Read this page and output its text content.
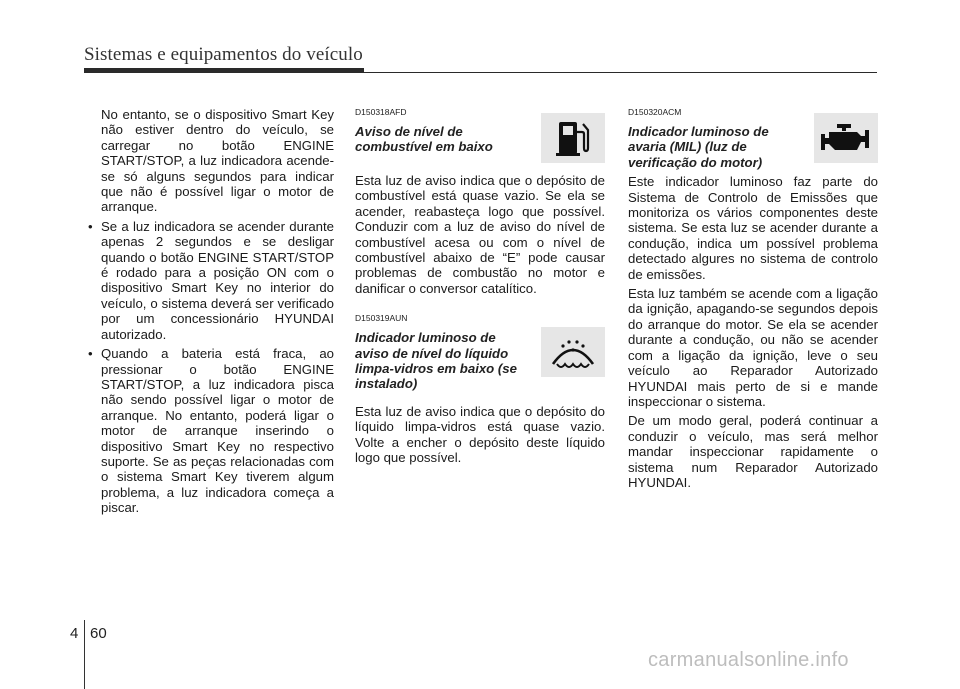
Sistemas e equipamentos do veículo

No entanto, se o dispositivo Smart Key não estiver dentro do veículo, se carregar no botão ENGINE START/STOP, a luz indicadora acende-se só alguns segundos para indicar que não é possível ligar o motor de arranque.

• Se a luz indicadora se acender durante apenas 2 segundos e se desligar quando o botão ENGINE START/STOP é rodado para a posição ON com o dispositivo Smart Key no interior do veículo, o sistema deverá ser verificado por um concessionário HYUNDAI autorizado.
• Quando a bateria está fraca, ao pressionar o botão ENGINE START/STOP, a luz indicadora pisca não sendo possível ligar o motor de arranque. No entanto, poderá ligar o motor de arranque inserindo o dispositivo Smart Key no respectivo suporte. Se as peças relacionadas com o sistema Smart Key tiverem algum problema, a luz indicadora começa a piscar.

D150318AFD

Aviso de nível de combustível em baixo

Esta luz de aviso indica que o depósito de combustível está quase vazio. Se ela se acender, reabasteça logo que possível. Conduzir com a luz de aviso do nível de combustível acesa ou com o nível de combustível abaixo de “E” pode causar problemas de combustão no motor e danificar o conversor catalítico.

D150319AUN

Indicador luminoso de aviso de nível do líquido limpa-vidros em baixo (se instalado)

Esta luz de aviso indica que o depósito do líquido limpa-vidros está quase vazio. Volte a encher o depósito deste líquido logo que possível.

D150320ACM

Indicador luminoso de avaria (MIL) (luz de verificação do motor)

Este indicador luminoso faz parte do Sistema de Controlo de Emissões que monitoriza os vários componentes deste sistema. Se esta luz se acender durante a condução, indica um possível problema detectado algures no sistema de controlo de emissões.

Esta luz também se acende com a ligação da ignição, apagando-se segundos depois do arranque do motor. Se ela se acender durante a condução, ou não se acender com a ligação da ignição, leve o seu veículo ao Reparador Autorizado HYUNDAI mais perto de si e mande inspeccionar o sistema.

De um modo geral, poderá continuar a conduzir o veículo, mas será melhor mandar inspeccionar rapidamente o sistema num Reparador Autorizado HYUNDAI.

4 60
carmanualsonline.info
